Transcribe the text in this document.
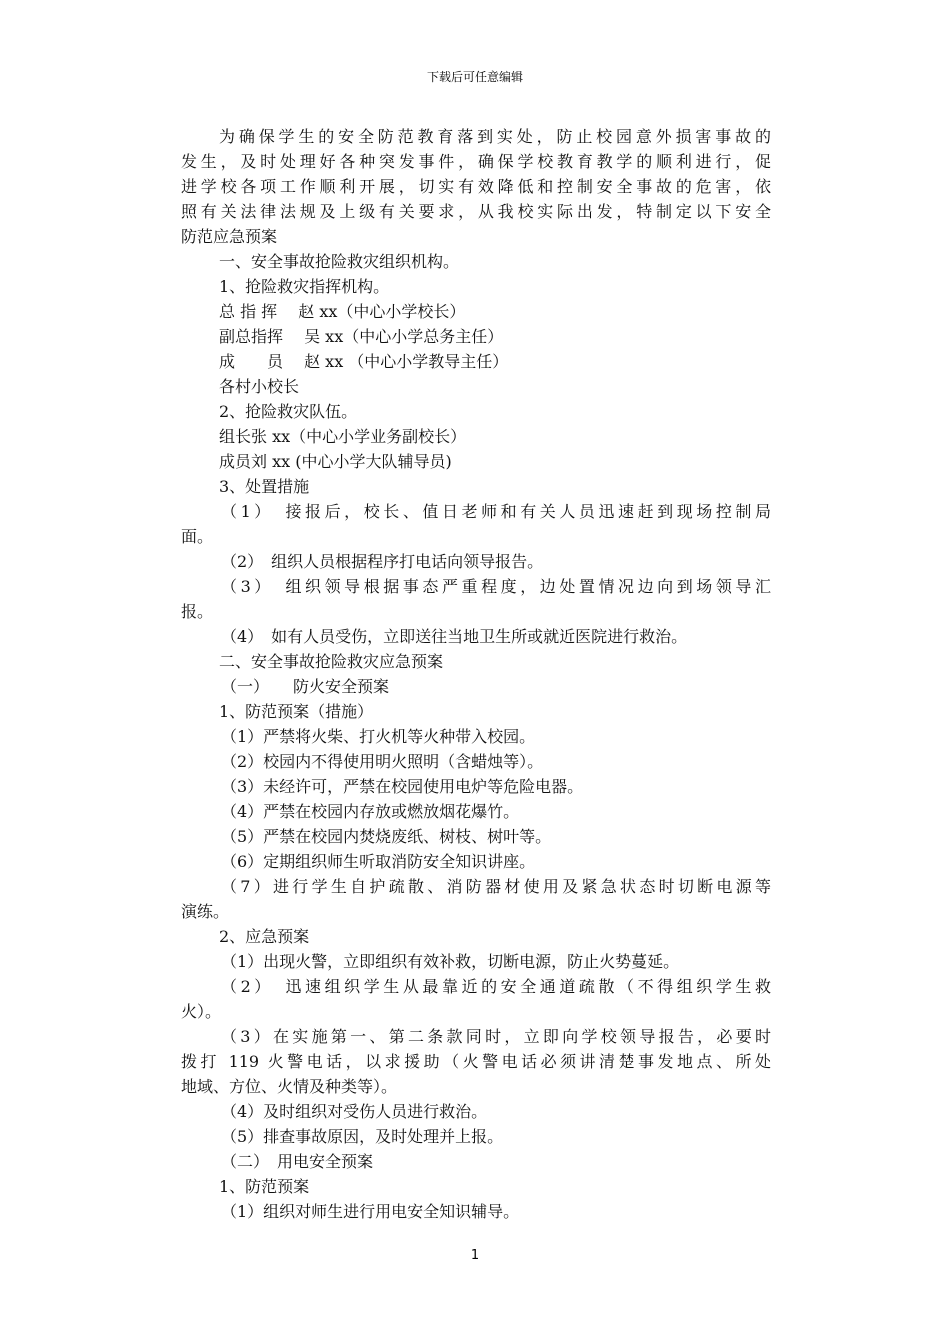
下载后可任意编辑
为确保学生的安全防范教育落到实处，防止校园意外损害事故的
发生，及时处理好各种突发事件，确保学校教育教学的顺利进行，促
进学校各项工作顺利开展，切实有效降低和控制安全事故的危害，依
照有关法律法规及上级有关要求，从我校实际出发，特制定以下安全
防范应急预案
一、安全事故抢险救灾组织机构。
1、抢险救灾指挥机构。
总 指 挥　 赵 xx（中心小学校长）
副总指挥　 吴 xx（中心小学总务主任）
成　　员　 赵 xx （中心小学教导主任）
各村小校长
2、抢险救灾队伍。
组长张 xx（中心小学业务副校长）
成员刘 xx (中心小学大队辅导员)
3、处置措施
（1）　接报后，校长、值日老师和有关人员迅速赶到现场控制局
面。
（2）　组织人员根据程序打电话向领导报告。
（3）　组织领导根据事态严重程度，边处置情况边向到场领导汇
报。
（4）　如有人员受伤，立即送往当地卫生所或就近医院进行救治。
二、安全事故抢险救灾应急预案
（一）　　防火安全预案
1、防范预案（措施）
（1）严禁将火柴、打火机等火种带入校园。
（2）校园内不得使用明火照明（含蜡烛等）。
（3）未经许可，严禁在校园使用电炉等危险电器。
（4）严禁在校园内存放或燃放烟花爆竹。
（5）严禁在校园内焚烧废纸、树枝、树叶等。
（6）定期组织师生听取消防安全知识讲座。
（7）进行学生自护疏散、消防器材使用及紧急状态时切断电源等
演练。
2、应急预案
（1）出现火警，立即组织有效补救，切断电源，防止火势蔓延。
（2）　迅速组织学生从最靠近的安全通道疏散（不得组织学生救
火）。
（3）在实施第一、第二条款同时，立即向学校领导报告，必要时
拨打 119 火警电话，以求援助（火警电话必须讲清楚事发地点、所处
地域、方位、火情及种类等）。
（4）及时组织对受伤人员进行救治。
（5）排查事故原因，及时处理并上报。
（二）　用电安全预案
1、防范预案
（1）组织对师生进行用电安全知识辅导。
1
